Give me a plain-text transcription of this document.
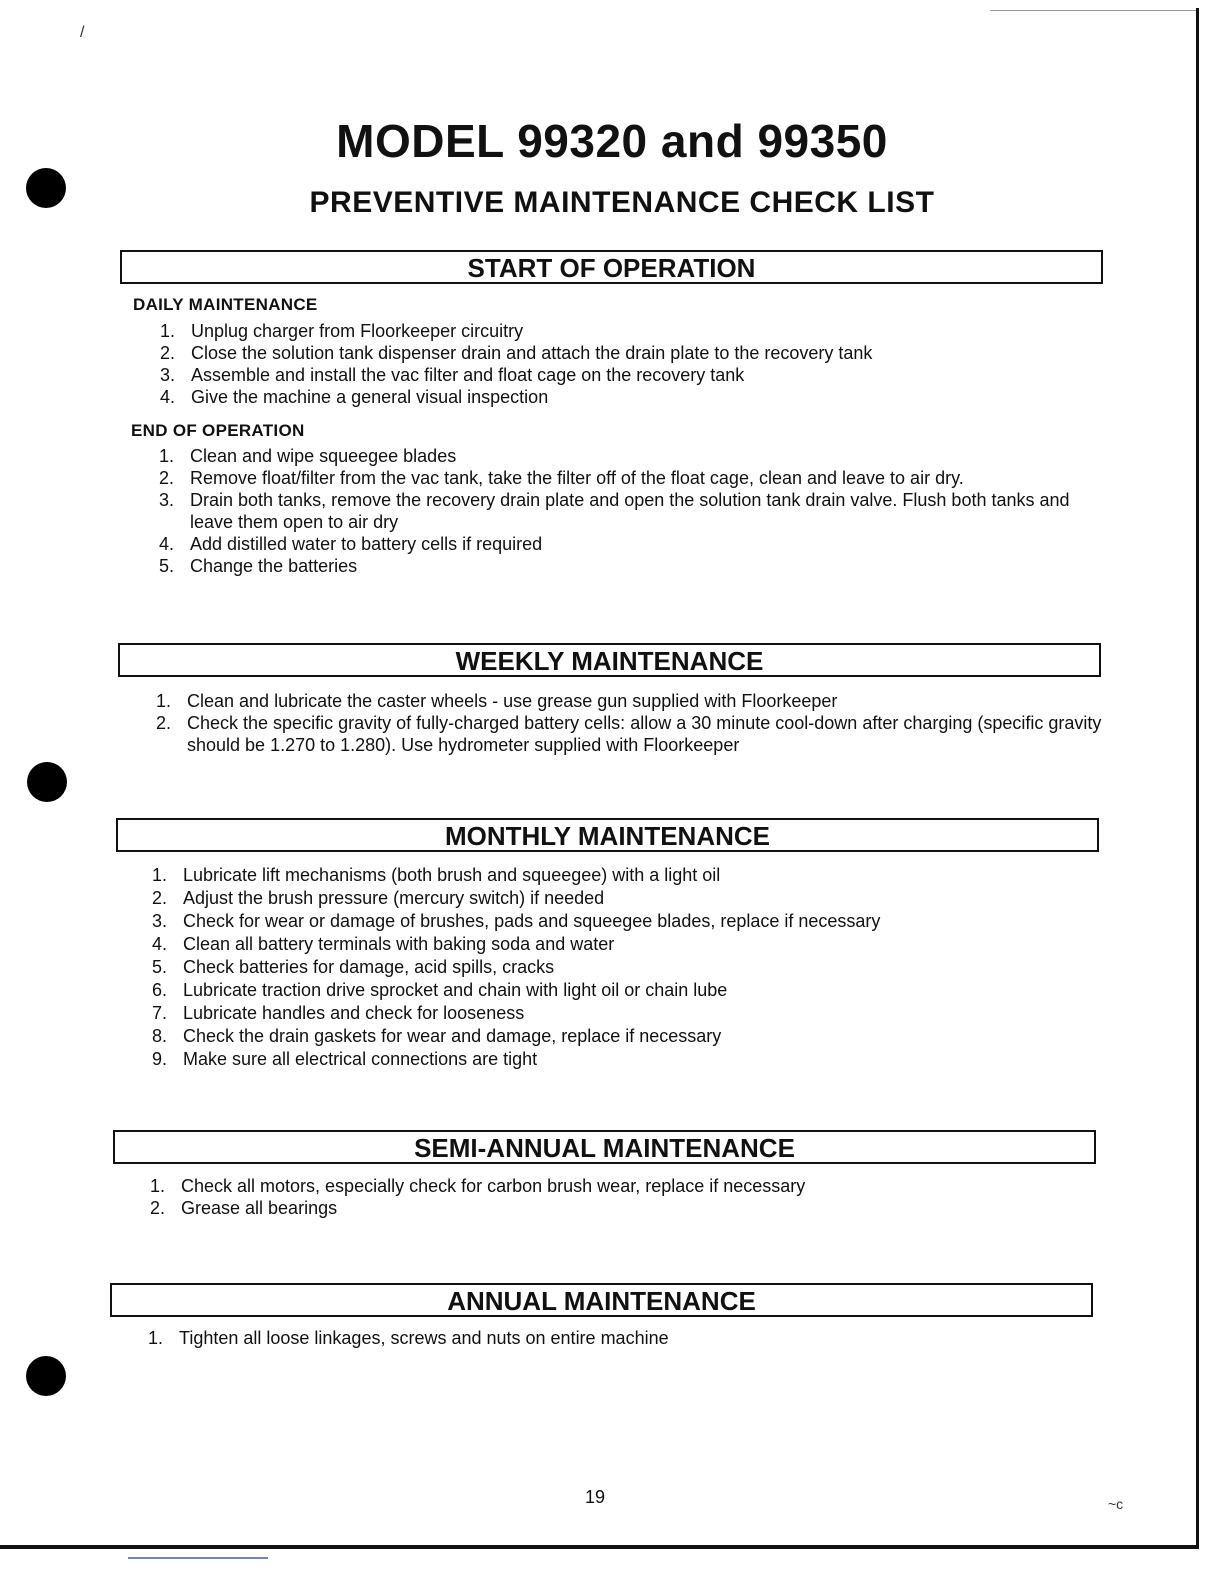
/
~c
MODEL 99320 and 99350
PREVENTIVE MAINTENANCE CHECK LIST
START OF OPERATION
DAILY MAINTENANCE
1. Unplug charger from Floorkeeper circuitry
2. Close the solution tank dispenser drain and attach the drain plate to the recovery tank
3. Assemble and install the vac filter and float cage on the recovery tank
4. Give the machine a general visual inspection
END OF OPERATION
1. Clean and wipe squeegee blades
2. Remove float/filter from the vac tank, take the filter off of the float cage, clean and leave to air dry.
3. Drain both tanks, remove the recovery drain plate and open the solution tank drain valve. Flush both tanks and leave them open to air dry
4. Add distilled water to battery cells if required
5. Change the batteries
WEEKLY MAINTENANCE
1. Clean and lubricate the caster wheels - use grease gun supplied with Floorkeeper
2. Check the specific gravity of fully-charged battery cells: allow a 30 minute cool-down after charging (specific gravity should be 1.270 to 1.280). Use hydrometer supplied with Floorkeeper
MONTHLY MAINTENANCE
1. Lubricate lift mechanisms (both brush and squeegee) with a light oil
2. Adjust the brush pressure (mercury switch) if needed
3. Check for wear or damage of brushes, pads and squeegee blades, replace if necessary
4. Clean all battery terminals with baking soda and water
5. Check batteries for damage, acid spills, cracks
6. Lubricate traction drive sprocket and chain with light oil or chain lube
7. Lubricate handles and check for looseness
8. Check the drain gaskets for wear and damage, replace if necessary
9. Make sure all electrical connections are tight
SEMI-ANNUAL MAINTENANCE
1. Check all motors, especially check for carbon brush wear, replace if necessary
2. Grease all bearings
ANNUAL MAINTENANCE
1. Tighten all loose linkages, screws and nuts on entire machine
19
